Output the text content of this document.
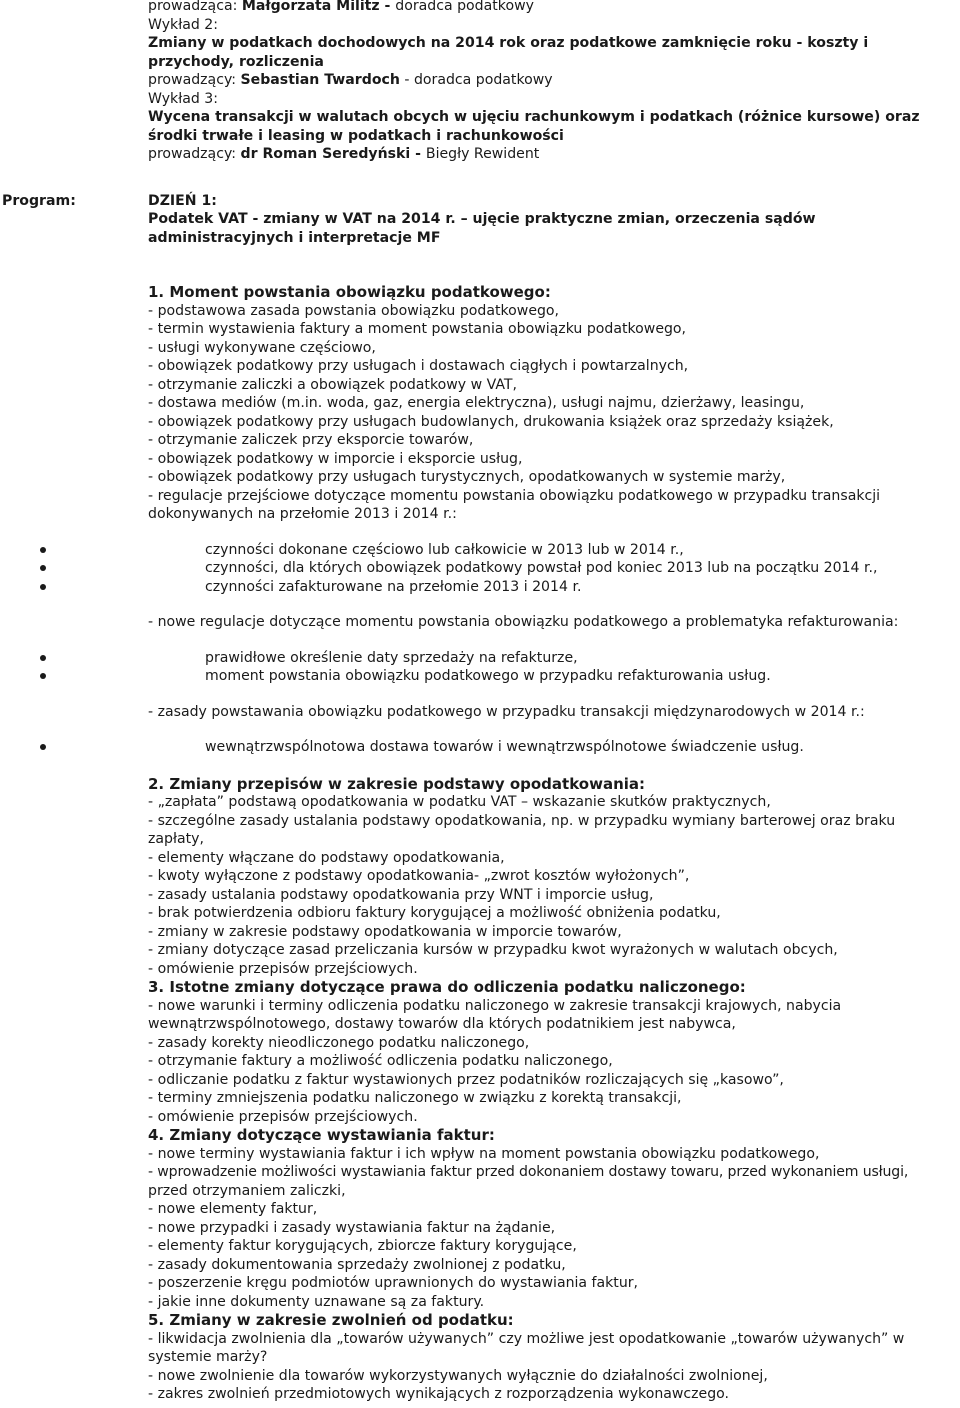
Program:
prowadząca: Małgorzata Militz - doradca podatkowy
Wykład 2:
Zmiany w podatkach dochodowych na 2014 rok oraz podatkowe zamknięcie roku - koszty i
przychody, rozliczenia
prowadzący: Sebastian Twardoch - doradca podatkowy
Wykład 3:
Wycena transakcji w walutach obcych w ujęciu rachunkowym i podatkach (różnice kursowe) oraz
środki trwałe i leasing w podatkach i rachunkowości
prowadzący: dr Roman Seredyński - Biegły Rewident
DZIEŃ 1:
Podatek VAT - zmiany w VAT na 2014 r. – ujęcie praktyczne zmian, orzeczenia sądów
administracyjnych i interpretacje MF
1. Moment powstania obowiązku podatkowego:
- podstawowa zasada powstania obowiązku podatkowego,
- termin wystawienia faktury a moment powstania obowiązku podatkowego,
- usługi wykonywane częściowo,
- obowiązek podatkowy przy usługach i dostawach ciągłych i powtarzalnych,
- otrzymanie zaliczki a obowiązek podatkowy w VAT,
- dostawa mediów (m.in. woda, gaz, energia elektryczna), usługi najmu, dzierżawy, leasingu,
- obowiązek podatkowy przy usługach budowlanych, drukowania książek oraz sprzedaży książek,
- otrzymanie zaliczek przy eksporcie towarów,
- obowiązek podatkowy w imporcie i eksporcie usług,
- obowiązek podatkowy przy usługach turystycznych, opodatkowanych w systemie marży,
- regulacje przejściowe dotyczące momentu powstania obowiązku podatkowego w przypadku transakcji
dokonywanych na przełomie 2013 i 2014 r.:
czynności dokonane częściowo lub całkowicie w 2013 lub w 2014 r.,
czynności, dla których obowiązek podatkowy powstał pod koniec 2013 lub na początku 2014 r.,
czynności zafakturowane na przełomie 2013 i 2014 r.
- nowe regulacje dotyczące momentu powstania obowiązku podatkowego a problematyka refakturowania:
prawidłowe określenie daty sprzedaży na refakturze,
moment powstania obowiązku podatkowego w przypadku refakturowania usług.
- zasady powstawania obowiązku podatkowego w przypadku transakcji międzynarodowych w 2014 r.:
wewnątrzwspólnotowa dostawa towarów i wewnątrzwspólnotowe świadczenie usług.
2. Zmiany przepisów w zakresie podstawy opodatkowania:
- „zapłata” podstawą opodatkowania w podatku VAT – wskazanie skutków praktycznych,
- szczególne zasady ustalania podstawy opodatkowania, np. w przypadku wymiany barterowej oraz braku
zapłaty,
- elementy włączane do podstawy opodatkowania,
- kwoty wyłączone z podstawy opodatkowania- „zwrot kosztów wyłożonych”,
- zasady ustalania podstawy opodatkowania przy WNT i imporcie usług,
- brak potwierdzenia odbioru faktury korygującej a możliwość obniżenia podatku,
- zmiany w zakresie podstawy opodatkowania w imporcie towarów,
- zmiany dotyczące zasad przeliczania kursów w przypadku kwot wyrażonych w walutach obcych,
- omówienie przepisów przejściowych.
3. Istotne zmiany dotyczące prawa do odliczenia podatku naliczonego:
- nowe warunki i terminy odliczenia podatku naliczonego w zakresie transakcji krajowych, nabycia
wewnątrzwspólnotowego, dostawy towarów dla których podatnikiem jest nabywca,
- zasady korekty nieodliczonego podatku naliczonego,
- otrzymanie faktury a możliwość odliczenia podatku naliczonego,
- odliczanie podatku z faktur wystawionych przez podatników rozliczających się „kasowo”,
- terminy zmniejszenia podatku naliczonego w związku z korektą transakcji,
- omówienie przepisów przejściowych.
4. Zmiany dotyczące wystawiania faktur:
- nowe terminy wystawiania faktur i ich wpływ na moment powstania obowiązku podatkowego,
- wprowadzenie możliwości wystawiania faktur przed dokonaniem dostawy towaru, przed wykonaniem usługi,
przed otrzymaniem zaliczki,
- nowe elementy faktur,
- nowe przypadki i zasady wystawiania faktur na żądanie,
- elementy faktur korygujących, zbiorcze faktury korygujące,
- zasady dokumentowania sprzedaży zwolnionej z podatku,
- poszerzenie kręgu podmiotów uprawnionych do wystawiania faktur,
- jakie inne dokumenty uznawane są za faktury.
5. Zmiany w zakresie zwolnień od podatku:
- likwidacja zwolnienia dla „towarów używanych” czy możliwe jest opodatkowanie „towarów używanych” w
systemie marży?
- nowe zwolnienie dla towarów wykorzystywanych wyłącznie do działalności zwolnionej,
- zakres zwolnień przedmiotowych wynikających z rozporządzenia wykonawczego.
